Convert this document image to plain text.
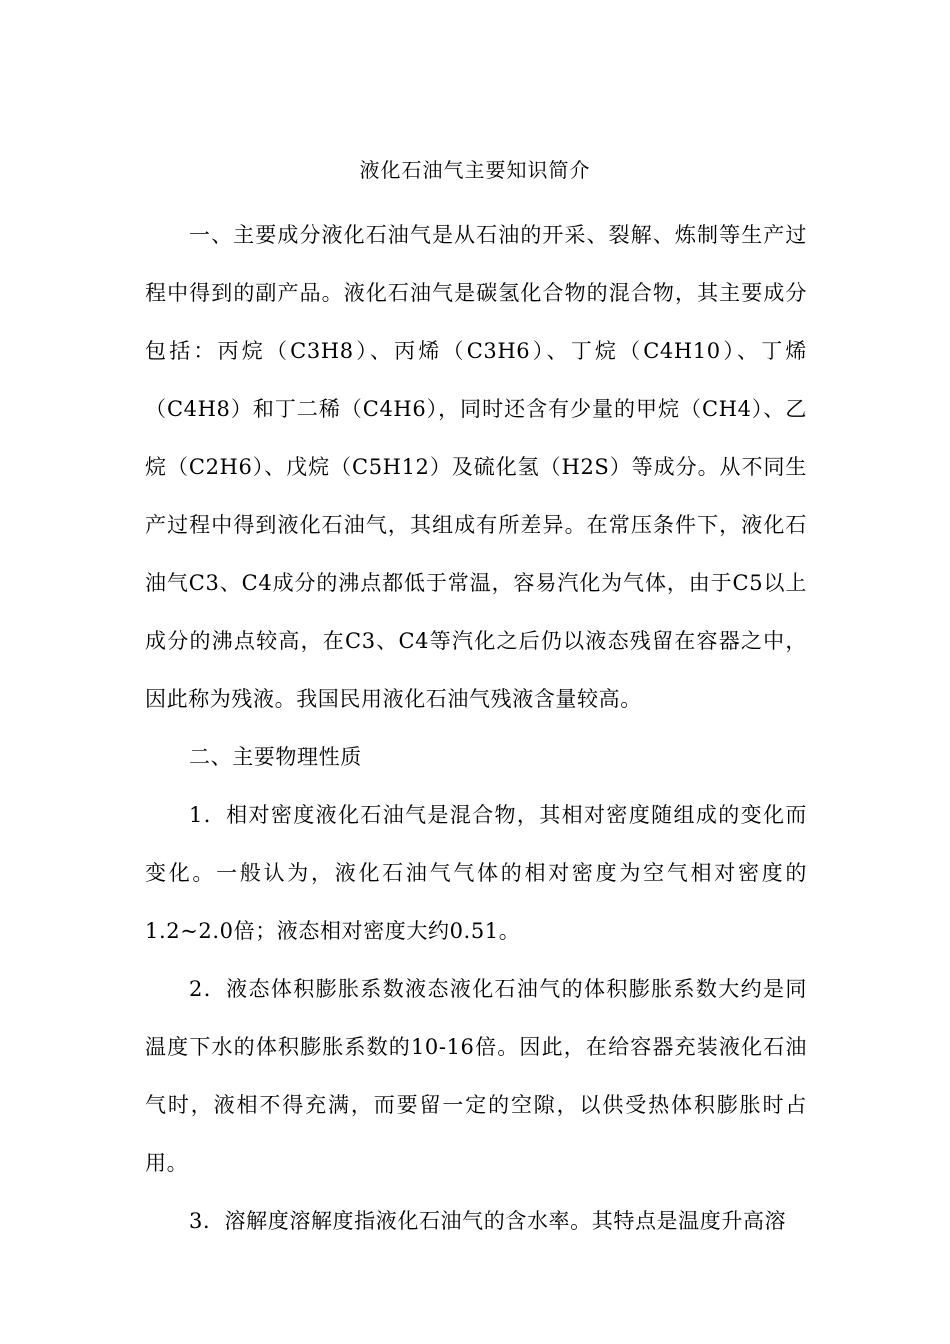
液化石油气主要知识简介

一、主要成分液化石油气是从石油的开采、裂解、炼制等生产过程中得到的副产品。液化石油气是碳氢化合物的混合物，其主要成分包括：丙烷（C3H8）、丙烯（C3H6）、丁烷（C4H10）、丁烯（C4H8）和丁二稀（C4H6），同时还含有少量的甲烷（CH4）、乙烷（C2H6）、戊烷（C5H12）及硫化氢（H2S）等成分。从不同生产过程中得到液化石油气，其组成有所差异。在常压条件下，液化石油气C3、C4成分的沸点都低于常温，容易汽化为气体，由于C5以上成分的沸点较高，在C3、C4等汽化之后仍以液态残留在容器之中，因此称为残液。我国民用液化石油气残液含量较高。

二、主要物理性质

1．相对密度液化石油气是混合物，其相对密度随组成的变化而变化。一般认为，液化石油气气体的相对密度为空气相对密度的1.2~2.0倍；液态相对密度大约0.51。

2．液态体积膨胀系数液态液化石油气的体积膨胀系数大约是同温度下水的体积膨胀系数的10-16倍。因此，在给容器充装液化石油气时，液相不得充满，而要留一定的空隙，以供受热体积膨胀时占用。

3．溶解度溶解度指液化石油气的含水率。其特点是温度升高溶
